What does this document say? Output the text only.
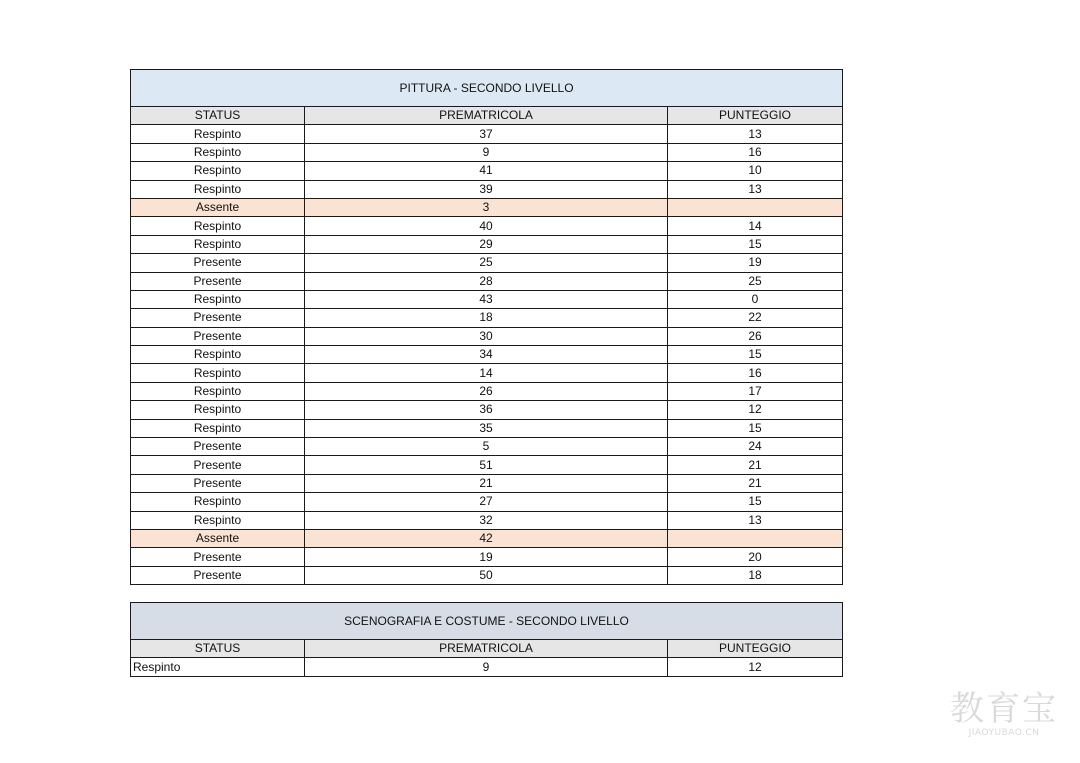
PITTURA - SECONDO LIVELLO		
STATUS	PREMATRICOLA	PUNTEGGIO
Respinto	37	13
Respinto	9	16
Respinto	41	10
Respinto	39	13
Assente	3	
Respinto	40	14
Respinto	29	15
Presente	25	19
Presente	28	25
Respinto	43	0
Presente	18	22
Presente	30	26
Respinto	34	15
Respinto	14	16
Respinto	26	17
Respinto	36	12
Respinto	35	15
Presente	5	24
Presente	51	21
Presente	21	21
Respinto	27	15
Respinto	32	13
Assente	42	
Presente	19	20
Presente	50	18
SCENOGRAFIA E COSTUME - SECONDO LIVELLO		
STATUS	PREMATRICOLA	PUNTEGGIO
Respinto	9	12
教育宝
JIAOYUBAO.CN
